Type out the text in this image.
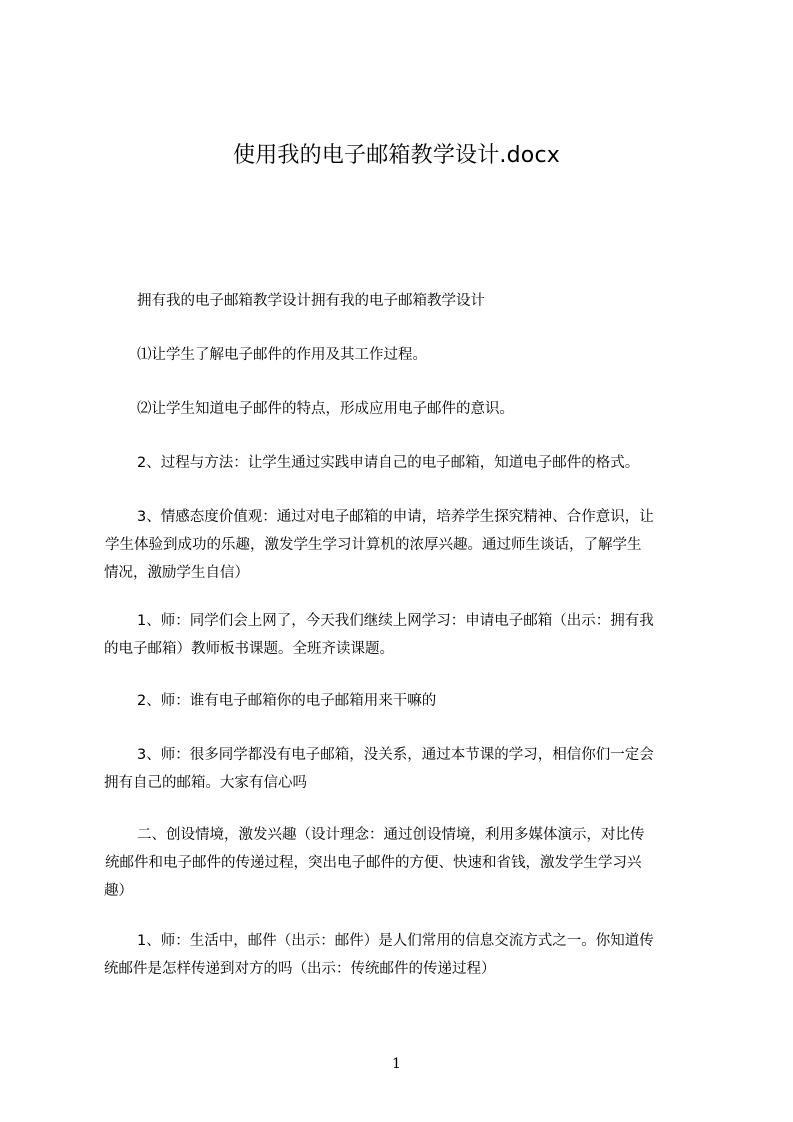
使用我的电子邮箱教学设计.docx
拥有我的电子邮箱教学设计拥有我的电子邮箱教学设计
⑴让学生了解电子邮件的作用及其工作过程。
⑵让学生知道电子邮件的特点，形成应用电子邮件的意识。
2、过程与方法：让学生通过实践申请自己的电子邮箱，知道电子邮件的格式。
3、情感态度价值观：通过对电子邮箱的申请，培养学生探究精神、合作意识，让
学生体验到成功的乐趣，激发学生学习计算机的浓厚兴趣。通过师生谈话，了解学生
情况，激励学生自信）
1、师：同学们会上网了，今天我们继续上网学习：申请电子邮箱（出示：拥有我
的电子邮箱）教师板书课题。全班齐读课题。
2、师：谁有电子邮箱你的电子邮箱用来干嘛的
3、师：很多同学都没有电子邮箱，没关系，通过本节课的学习，相信你们一定会
拥有自己的邮箱。大家有信心吗
二、创设情境，激发兴趣（设计理念：通过创设情境，利用多媒体演示，对比传
统邮件和电子邮件的传递过程，突出电子邮件的方便、快速和省钱，激发学生学习兴
趣）
1、师：生活中，邮件（出示：邮件）是人们常用的信息交流方式之一。你知道传
统邮件是怎样传递到对方的吗（出示：传统邮件的传递过程）
1
